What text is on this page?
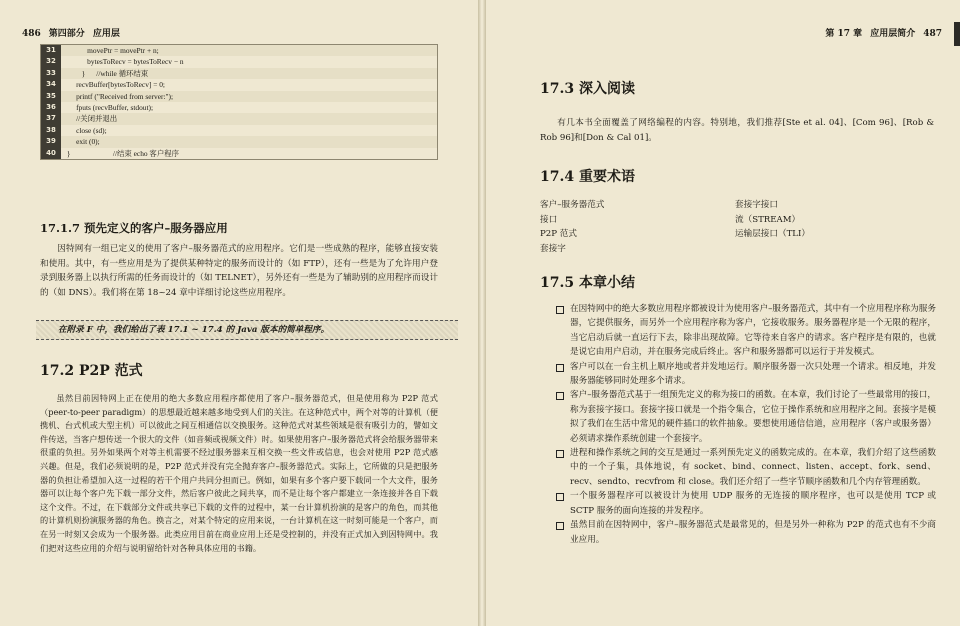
486 第四部分 应用层
31	movePtr = movePtr + n;
32	bytesToRecv = bytesToRecv − n
33	}      //while 循环结束
34	recvBuffer[bytesToRecv] = 0;
35	printf ("Received from server:");
36	fputs (recvBuffer, stdout);
37	//关闭并退出
38	close (sd);
39	exit (0);
40	}                       //结束 echo 客户程序
17.1.7 预先定义的客户–服务器应用
因特网有一组已定义的使用了客户–服务器范式的应用程序。它们是一些成熟的程序，能够直接安装和使用。其中，有一些应用是为了提供某种特定的服务而设计的（如 FTP），还有一些是为了允许用户登录到服务器上以执行所需的任务而设计的（如 TELNET），另外还有一些是为了辅助别的应用程序而设计的（如 DNS）。我们将在第 18~24 章中详细讨论这些应用程序。
在附录 F 中，我们给出了表 17.1 ~ 17.4 的 Java 版本的简单程序。
17.2 P2P 范式
虽然目前因特网上正在使用的绝大多数应用程序都使用了客户–服务器范式，但是使用称为 P2P 范式（peer-to-peer paradigm）的思想最近越来越多地受到人们的关注。在这种范式中，两个对等的计算机（便携机、台式机或大型主机）可以彼此之间互相通信以交换服务。这种范式对某些领域是很有吸引力的，譬如文件传送，当客户想传送一个很大的文件（如音频或视频文件）时。如果使用客户–服务器范式将会给服务器带来很重的负担。另外如果两个对等主机需要不经过服务器来互相交换一些文件或信息，也会对使用 P2P 范式感兴趣。但是，我们必须说明的是，P2P 范式并没有完全抛弃客户–服务器范式。实际上，它所做的只是把服务器的负担让希望加入这一过程的若干个用户共同分担而已。例如，如果有多个客户要下载同一个大文件，服务器可以让每个客户先下载一部分文件，然后客户彼此之间共享，而不是让每个客户都建立一条连接并各自下载这个文件。不过，在下载部分文件或共享已下载的文件的过程中，某一台计算机扮演的是客户的角色，而其他的计算机则扮演服务器的角色。换言之，对某个特定的应用来说，一台计算机在这一时刻可能是一个客户，而在另一时刻又会成为一个服务器。此类应用目前在商业应用上还是受控制的，并没有正式加入到因特网中。我们把对这些应用的介绍与说明留给针对各种具体应用的书籍。
第 17 章 应用层简介 487
17.3 深入阅读
有几本书全面覆盖了网络编程的内容。特别地，我们推荐[Ste et al. 04]、[Com 96]、[Rob & Rob 96]和[Don & Cal 01]。
17.4 重要术语
客户–服务器范式	套接字接口
接口	流（STREAM）
P2P 范式	运输层接口（TLI）
套接字
17.5 本章小结
在因特网中的绝大多数应用程序都被设计为使用客户–服务器范式，其中有一个应用程序称为服务器，它提供服务，而另外一个应用程序称为客户，它接收服务。服务器程序是一个无限的程序，当它启动后就一直运行下去，除非出现故障。它等待来自客户的请求。客户程序是有限的，也就是说它由用户启动，并在服务完成后终止。客户和服务器都可以运行于并发模式。
客户可以在一台主机上顺序地或者并发地运行。顺序服务器一次只处理一个请求。相反地，并发服务器能够同时处理多个请求。
客户–服务器范式基于一组预先定义的称为接口的函数。在本章，我们讨论了一些最常用的接口，称为套接字接口。套接字接口就是一个指令集合，它位于操作系统和应用程序之间。套接字是模拟了我们在生活中常见的硬件插口的软件抽象。要想使用通信信道，应用程序（客户或服务器）必须请求操作系统创建一个套接字。
进程和操作系统之间的交互是通过一系列预先定义的函数完成的。在本章，我们介绍了这些函数中的一个子集，具体地说，有 socket、bind、connect、listen、accept、fork、send、recv、sendto、recvfrom 和 close。我们还介绍了一些字节顺序函数和几个内存管理函数。
一个服务器程序可以被设计为使用 UDP 服务的无连接的顺序程序，也可以是使用 TCP 或 SCTP 服务的面向连接的并发程序。
虽然目前在因特网中，客户–服务器范式是最常见的，但是另外一种称为 P2P 的范式也有不少商业应用。
